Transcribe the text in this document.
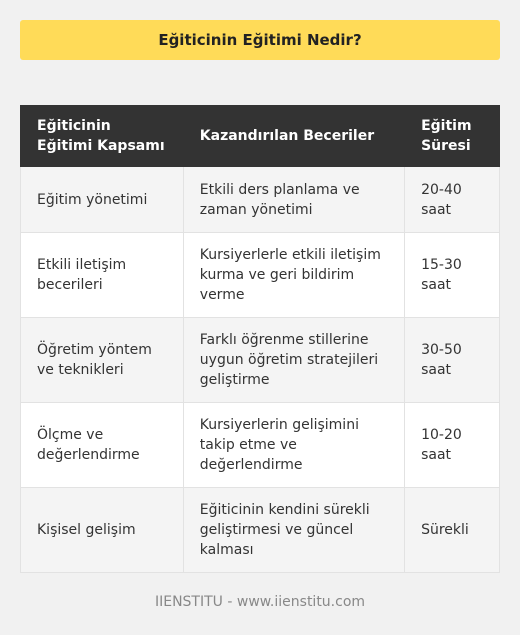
Eğiticinin Eğitimi Nedir?
Eğiticinin Eğitimi Kapsamı	Kazandırılan Beceriler	Eğitim Süresi
Eğitim yönetimi	Etkili ders planlama ve zaman yönetimi	20-40 saat
Etkili iletişim becerileri	Kursiyerlerle etkili iletişim kurma ve geri bildirim verme	15-30 saat
Öğretim yöntem ve teknikleri	Farklı öğrenme stillerine uygun öğretim stratejileri geliştirme	30-50 saat
Ölçme ve değerlendirme	Kursiyerlerin gelişimini takip etme ve değerlendirme	10-20 saat
Kişisel gelişim	Eğiticinin kendini sürekli geliştirmesi ve güncel kalması	Sürekli
IIENSTITU - www.iienstitu.com
